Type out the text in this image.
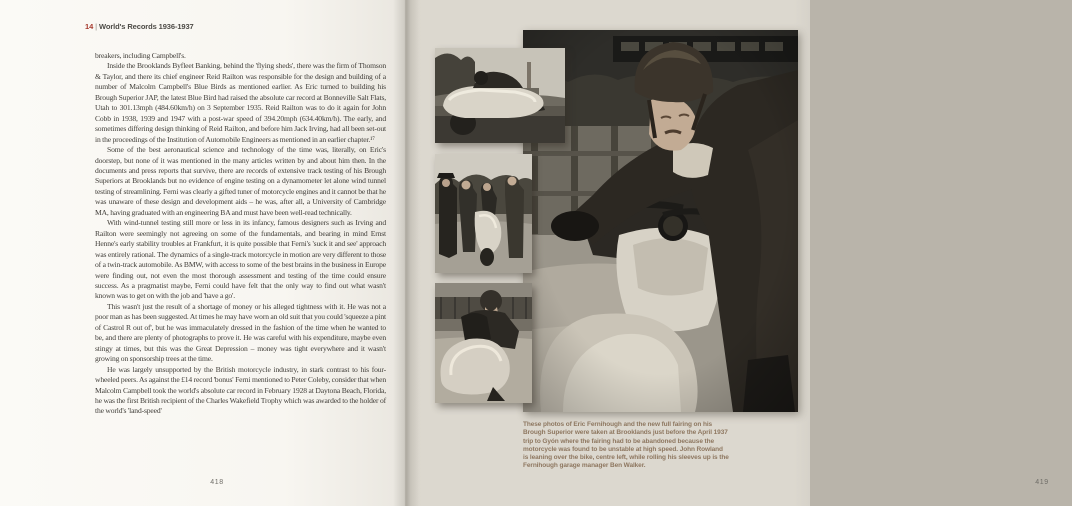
14 | World's Records 1936-1937

breakers, including Campbell's.

Inside the Brooklands Byfleet Banking, behind the 'flying sheds', there was the firm of Thomson & Taylor, and there its chief engineer Reid Railton was responsible for the design and building of a number of Malcolm Campbell's Blue Birds as mentioned earlier. As Eric turned to building his Brough Superior JAP, the latest Blue Bird had raised the absolute car record at Bonneville Salt Flats, Utah to 301.13mph (484.60km/h) on 3 September 1935. Reid Railton was to do it again for John Cobb in 1938, 1939 and 1947 with a post-war speed of 394.20mph (634.40km/h). The early, and sometimes differing design thinking of Reid Railton, and before him Jack Irving, had all been set-out in the proceedings of the Institution of Automobile Engineers as mentioned in an earlier chapter.¹⁷

Some of the best aeronautical science and technology of the time was, literally, on Eric's doorstep, but none of it was mentioned in the many articles written by and about him then. In the documents and press reports that survive, there are records of extensive track testing of his Brough Superiors at Brooklands but no evidence of engine testing on a dynamometer let alone wind tunnel testing of streamlining. Ferni was clearly a gifted tuner of motorcycle engines and it cannot be that he was unaware of these design and development aids – he was, after all, a University of Cambridge MA, having graduated with an engineering BA and must have been well-read technically.

With wind-tunnel testing still more or less in its infancy, famous designers such as Irving and Railton were seemingly not agreeing on some of the fundamentals, and bearing in mind Ernst Henne's early stability troubles at Frankfurt, it is quite possible that Ferni's 'suck it and see' approach was entirely rational. The dynamics of a single-track motorcycle in motion are very different to those of a twin-track automobile. As BMW, with access to some of the best brains in the business in Europe were finding out, not even the most thorough assessment and testing of the time could ensure success. As a pragmatist maybe, Ferni could have felt that the only way to find out what wasn't known was to get on with the job and 'have a go'.

This wasn't just the result of a shortage of money or his alleged tightness with it. He was not a poor man as has been suggested. At times he may have worn an old suit that you could 'squeeze a pint of Castrol R out of', but he was immaculately dressed in the fashion of the time when he wanted to be, and there are plenty of photographs to prove it. He was careful with his expenditure, maybe even stingy at times, but this was the Great Depression – money was tight everywhere and it wasn't growing on sponsorship trees at the time.

He was largely unsupported by the British motorcycle industry, in stark contrast to his four-wheeled peers. As against the £14 record 'bonus' Ferni mentioned to Peter Coleby, consider that when Malcolm Campbell took the world's absolute car record in February 1928 at Daytona Beach, Florida, he was the first British recipient of the Charles Wakefield Trophy which was awarded to the holder of the world's 'land-speed'

418
These photos of Eric Fernihough and the new full fairing on his Brough Superior were taken at Brooklands just before the April 1937 trip to Gyón where the fairing had to be abandoned because the motorcycle was found to be unstable at high speed. John Rowland is leaning over the bike, centre left, while rolling his sleeves up is the Fernihough garage manager Ben Walker.
419
